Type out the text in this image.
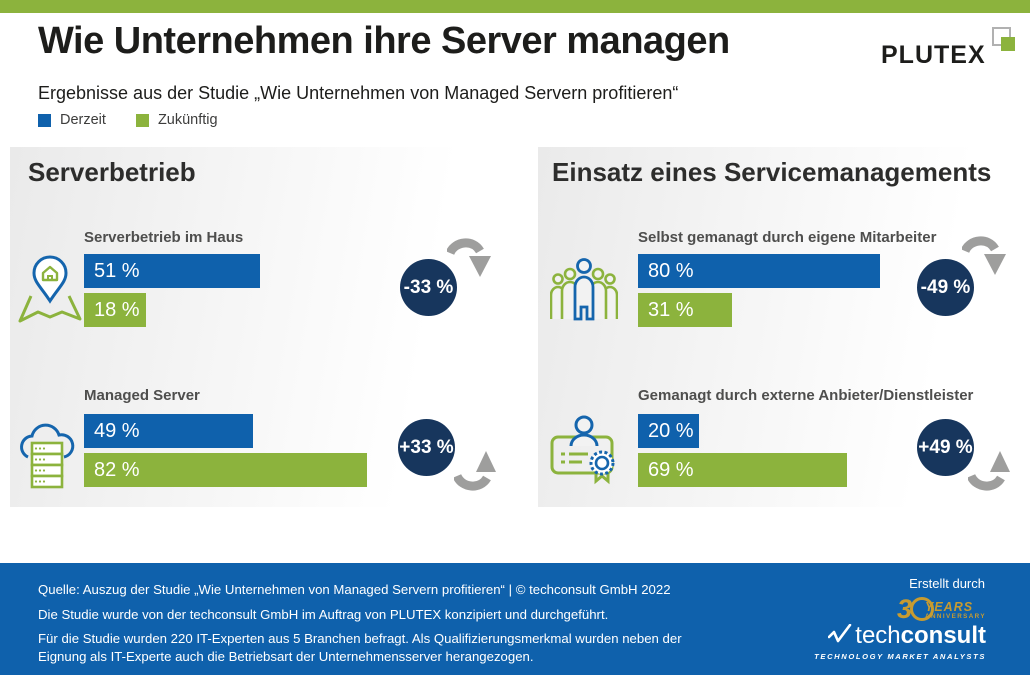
Wie Unternehmen ihre Server managen
Ergebnisse aus der Studie „Wie Unternehmen von Managed Servern profitieren“
Derzeit	Zukünftig
PLUTEX
Serverbetrieb
Serverbetrieb im Haus
51 %
18 %
-33 %
Managed Server
49 %
82 %
+33 %
Einsatz eines Servicemanagements
Selbst gemanagt durch eigene Mitarbeiter
80 %
31 %
-49 %
Gemanagt durch externe Anbieter/Dienstleister
20 %
69 %
+49 %
Quelle: Auszug der Studie „Wie Unternehmen von Managed Servern profitieren“ | © techconsult GmbH 2022
Die Studie wurde von der techconsult GmbH im Auftrag von PLUTEX konzipiert und durchgeführt.
Für die Studie wurden 220 IT-Experten aus 5 Branchen befragt. Als Qualifizierungsmerkmal wurden neben der Eignung als IT-Experte auch die Betriebsart der Unternehmensserver herangezogen.
Erstellt durch
3 YEARS
ANNIVERSARY
tech consult
TECHNOLOGY MARKET ANALYSTS
